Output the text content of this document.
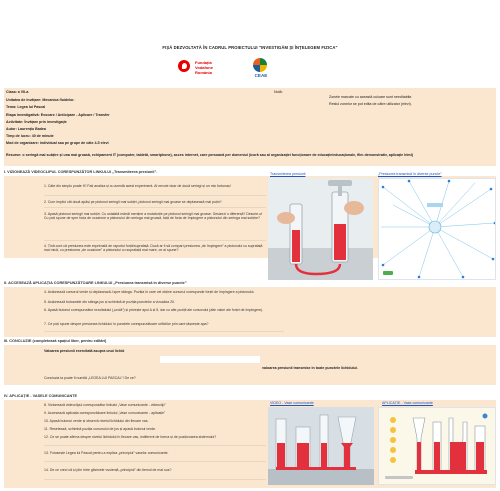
FIȘĂ DEZVOLTATĂ ÎN CADRUL PROIECTULUI "INVESTIGĂM ȘI ÎNȚELEGEM FIZICA"
Fundația
Vodafone
România
CEAE
Clasa: a VII-a
Unitatea de învățare: Mecanica fluidelor.
Tema: Legea lui Pascal
Etapa investigativă: Evocare / Anticipare - Aplicare / Transfer
Activitate: Învățare prin investigație
Autor: Laurențiu Badea
Timp de lucru: 40 de minute
Mod de organizare: individual sau pe grupe de câte 4-5 elevi
Notă:
Zonele marcate cu această culoare sunt needitabile.
Restul zonelor se pot edita de către utilizator (elevi).
Resurse: o seringă mai subțire și una mai groasă, echipament IT (computer, tabletă, smartphone), acces internet, care persoană per domeniul (icoră sau al organizației funcționare de educație/educaționale, film demonstrativ, aplicație html)
I. VIZIONEAZĂ VIDEOCLIPUL CORESPUNZĂTOR LINKULUI „Transmiterea presiunii”.	Transmiterea presiunii	„Presiunea transmisă în diverse puncte”
1. Câte din simplu poate fi? Fați analiza și cu acestă acest experiment. Al nevoie doar de două seringi și un mic furtunaș!
2. Cum implici cât două apăși pe pistonul seringii mai subțiri, pistonul seringii mai groase se deplasează mai puțin?
3. Apasă pistonul seringii mai subțiri. Cu ustalată mânăl menține a mutatorție pe pistonul seringii mai groase. Sesizezi o diferență? Descrie-o! Cu poți spune de spre forța de ocazione a pistonului din seringa mai groasă, față de forța de împingere a pistonului din seringa mai subțire?
4. Țină cont că presiunea este exprimată de raportul forță/suprafață. Ducă ar fi să compari presiunea „de împingere” a pistonului cu suprafață mai mică, cu presiunea „de ocazione” a pistonului cu suprafață mai mare, ce ai spune?
II. ACCESEAZĂ APLICAȚIA CORESPUNZĂTOARE LINKULUI „Presiunea transmisă în diverse puncte”
4. Actionează cursorul verde și deplasează-l spre stânga. Poziția în care vei obține cursorul corespunde forței de împingere a pistonului.
5. Acționează butoanele din stânga jos și schimbă-le poziția punctelor a vizualiza 20.
6. Apasă butonul corespunzător rezultatului („undă”) și privește apoi A și 5, dar cu alte poziții ale cursorului (alte valori ale forței de împingere).
7. Ce poți spune despre presiunea lichidului în punctele corespunzătoare orificiilor prin care țâșnește apa?
III. CONCLUZIE (completează spațiul liber, pentru editări)
Valoarea presiunii exercitată asupra unui lichid
valoarea presiunii transmise în toate punctele lichidului.
Concluzia la poate fi numită „LEGEA LUI PASCAL”! De ce?
IV. APLICAȚIE - VASELE COMUNICANTE
VIDEO - Vase comunicante	APLICAȚIE - Vase comunicante
8. Vizionează videoclipul corespunzător linkului „Vase comunicante - videoclip”
9. Accesează aplicația corespunzătoare linkului „Vase comunicante - aplicație”
10. Apasă butonul verde și observă nivelul lichidului din fiecare vas.
11. Resetează, schimbă poziția cursorului de jos și apasă butonul verde.
12. Ce se poate afirma despre nivelul lichidului în fiecare vas, indiferent de forma și de poziționarea sistemului?
13. Folosește Legea lui Pascal pentru a explica „principiul” vaselor comunicante.
14. De ce crezi că și plin între glisimele vsuiență „principiul” din tiemul de mai sus?
